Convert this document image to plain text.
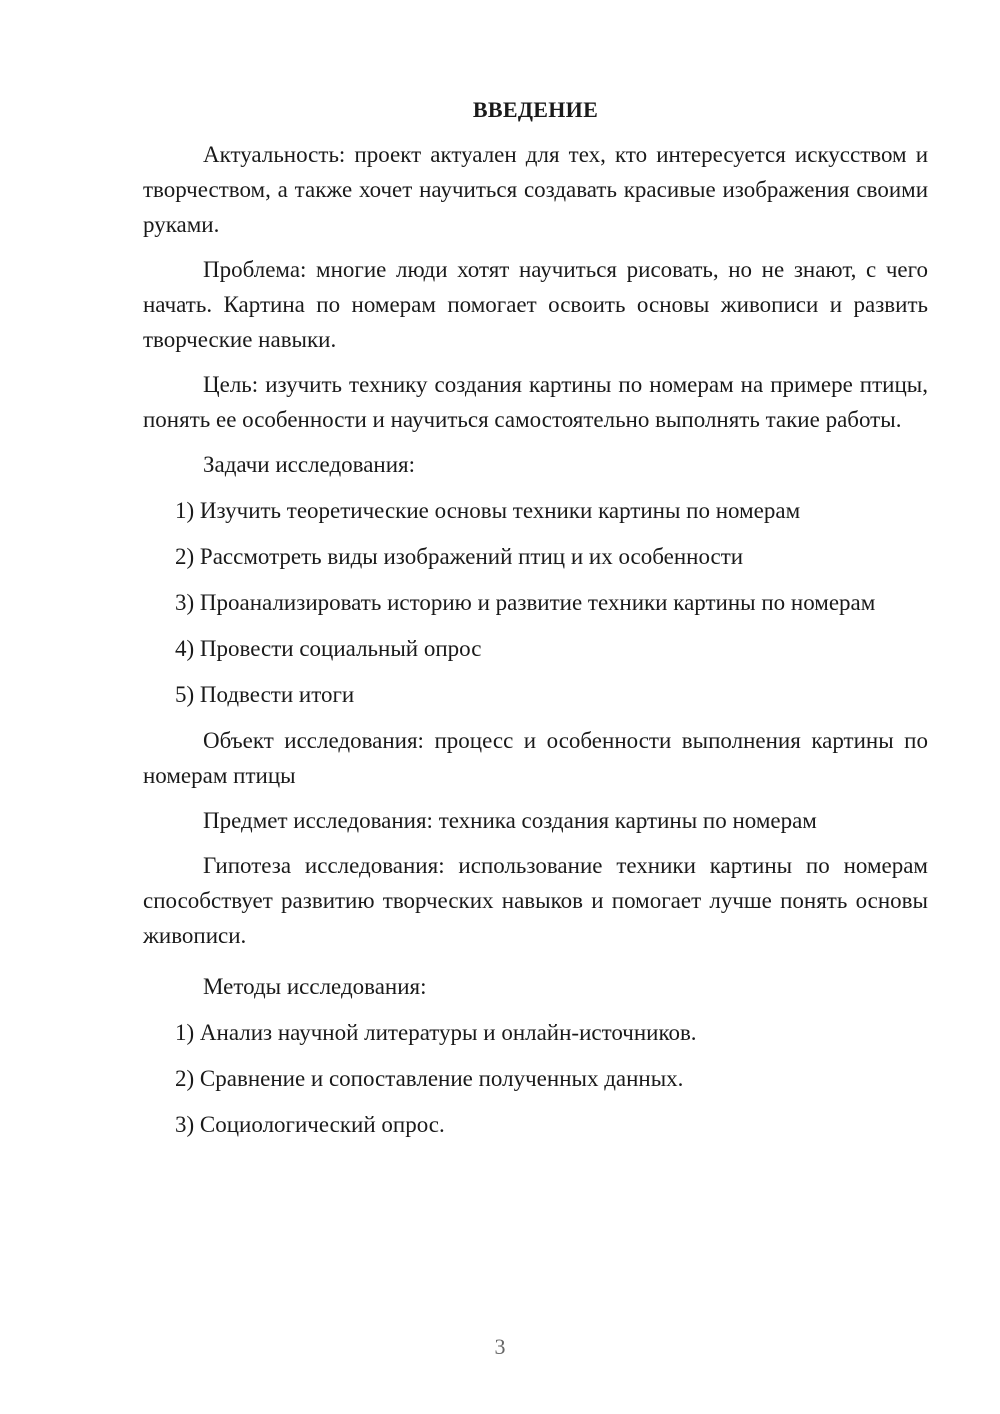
ВВЕДЕНИЕ

Актуальность: проект актуален для тех, кто интересуется искусством и творчеством, а также хочет научиться создавать красивые изображения своими руками.

Проблема: многие люди хотят научиться рисовать, но не знают, с чего начать. Картина по номерам помогает освоить основы живописи и развить творческие навыки.

Цель: изучить технику создания картины по номерам на примере птицы, понять ее особенности и научиться самостоятельно выполнять такие работы.

Задачи исследования:

1) Изучить теоретические основы техники картины по номерам

2) Рассмотреть виды изображений птиц и их особенности

3) Проанализировать историю и развитие техники картины по номерам

4) Провести социальный опрос

5) Подвести итоги

Объект исследования: процесс и особенности выполнения картины по номерам птицы

Предмет исследования: техника создания картины по номерам

Гипотеза исследования: использование техники картины по номерам способствует развитию творческих навыков и помогает лучше понять основы живописи.

Методы исследования:

1) Анализ научной литературы и онлайн-источников.

2) Сравнение и сопоставление полученных данных.

3) Социологический опрос.

3
